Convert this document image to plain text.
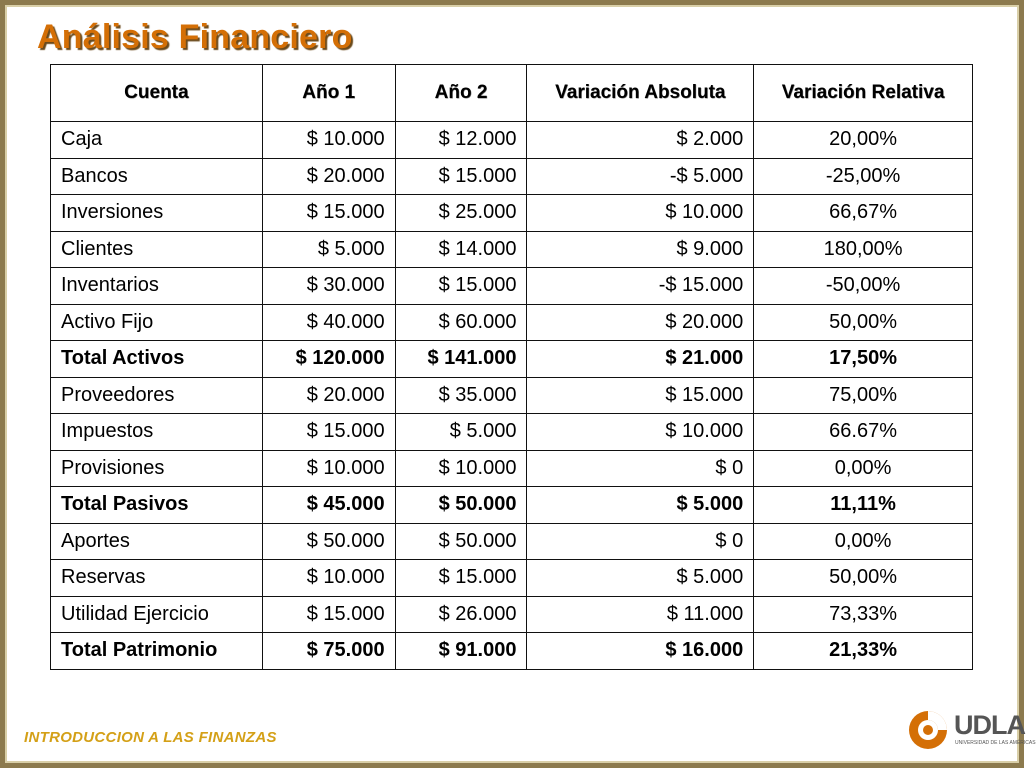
Análisis Financiero
Cuenta	Año 1	Año 2	Variación Absoluta	Variación Relativa
Caja	$ 10.000	$ 12.000	$ 2.000	20,00%
Bancos	$ 20.000	$ 15.000	-$ 5.000	-25,00%
Inversiones	$ 15.000	$ 25.000	$ 10.000	66,67%
Clientes	$ 5.000	$ 14.000	$ 9.000	180,00%
Inventarios	$ 30.000	$ 15.000	-$ 15.000	-50,00%
Activo Fijo	$ 40.000	$ 60.000	$ 20.000	50,00%
Total Activos	$ 120.000	$ 141.000	$ 21.000	17,50%
Proveedores	$ 20.000	$ 35.000	$ 15.000	75,00%
Impuestos	$ 15.000	$ 5.000	$ 10.000	66.67%
Provisiones	$ 10.000	$ 10.000	$ 0	0,00%
Total Pasivos	$ 45.000	$ 50.000	$ 5.000	11,11%
Aportes	$ 50.000	$ 50.000	$ 0	0,00%
Reservas	$ 10.000	$ 15.000	$ 5.000	50,00%
Utilidad Ejercicio	$ 15.000	$ 26.000	$ 11.000	73,33%
Total Patrimonio	$ 75.000	$ 91.000	$ 16.000	21,33%
INTRODUCCION A LAS FINANZAS	UDLA
UNIVERSIDAD DE LAS AMÉRICAS
